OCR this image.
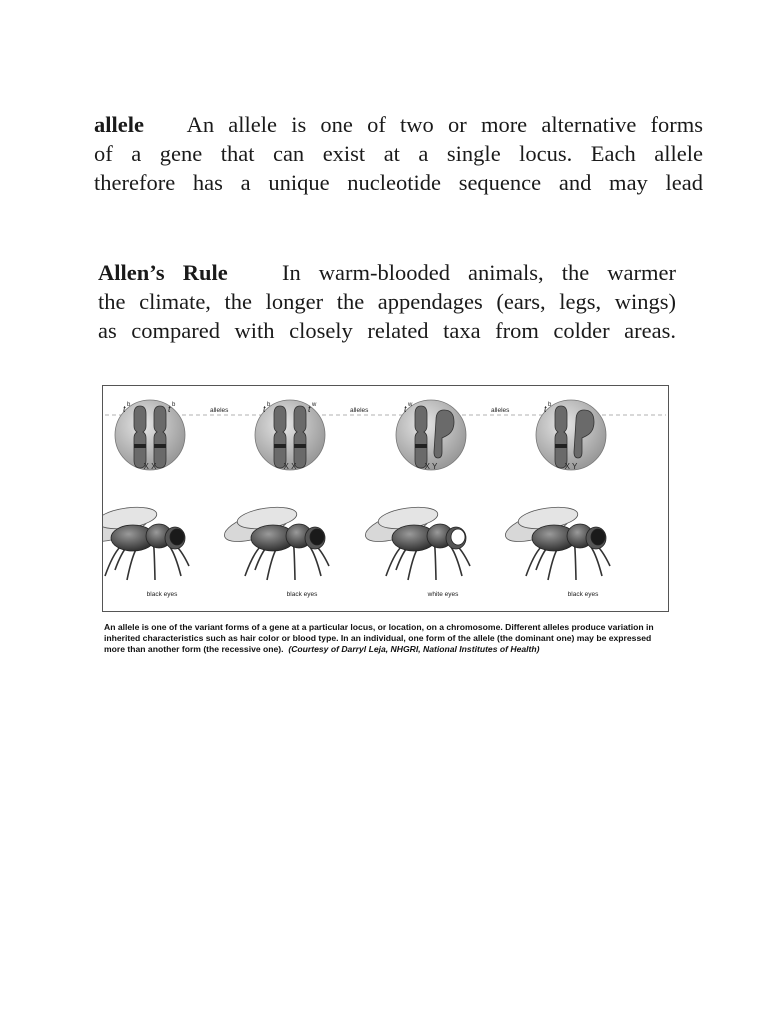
allele An allele is one of two or more alternative forms

of a gene that can exist at a single locus. Each allele

therefore has a unique nucleotide sequence and may lead

Allen’s Rule In warm-blooded animals, the warmer

the climate, the longer the appendages (ears, legs, wings)

as compared with closely related taxa from colder areas.

t b	t b
X X
alleles
black eyes
t b	t w
X X
alleles
black eyes
t w
X Y
alleles
white eyes
t b
X Y
black eyes
An allele is one of the variant forms of a gene at a particular locus, or location, on a chromosome. Different alleles produce variation in inherited characteristics such as hair color or blood type. In an individual, one form of the allele (the dominant one) may be expressed more than another form (the recessive one). (Courtesy of Darryl Leja, NHGRI, National Institutes of Health)
